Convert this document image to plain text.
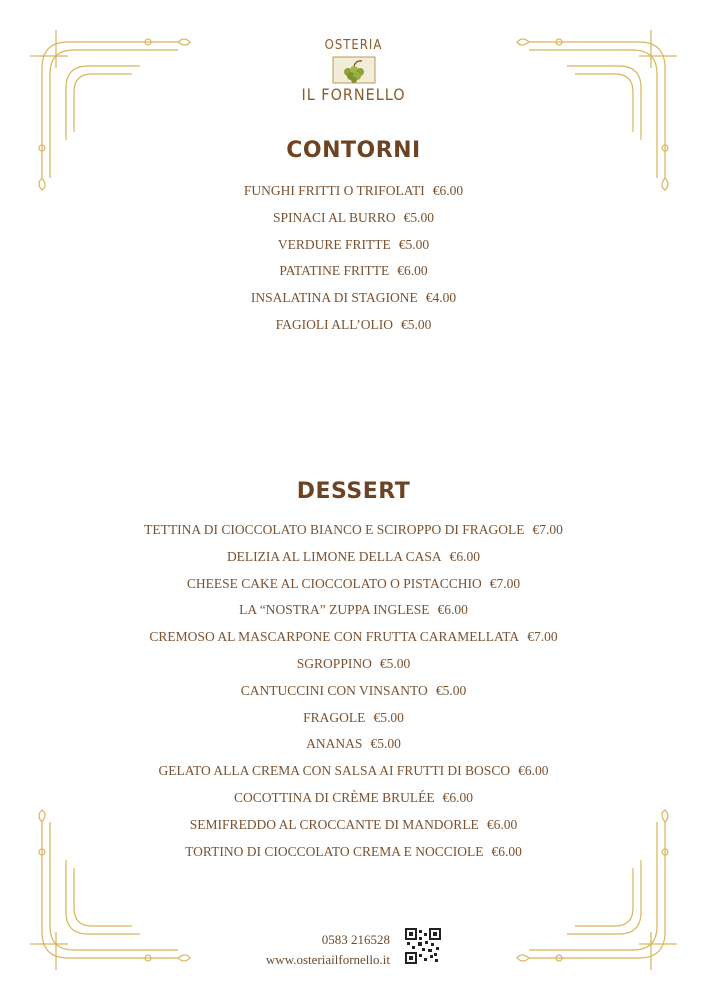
OSTERIA
IL FORNELLO
CONTORNI
FUNGHI FRITTI O TRIFOLATI €6.00
SPINACI AL BURRO €5.00
VERDURE FRITTE €5.00
PATATINE FRITTE €6.00
INSALATINA DI STAGIONE €4.00
FAGIOLI ALL’OLIO €5.00
DESSERT
TETTINA DI CIOCCOLATO BIANCO E SCIROPPO DI FRAGOLE €7.00
DELIZIA AL LIMONE DELLA CASA €6.00
CHEESE CAKE AL CIOCCOLATO O PISTACCHIO €7.00
LA “NOSTRA” ZUPPA INGLESE €6.00
CREMOSO AL MASCARPONE CON FRUTTA CARAMELLATA €7.00
SGROPPINO €5.00
CANTUCCINI CON VINSANTO €5.00
FRAGOLE €5.00
ANANAS €5.00
GELATO ALLA CREMA CON SALSA AI FRUTTI DI BOSCO €6.00
COCOTTINA DI CRÈME BRULÉE €6.00
SEMIFREDDO AL CROCCANTE DI MANDORLE €6.00
TORTINO DI CIOCCOLATO CREMA E NOCCIOLE €6.00
0583 216528
www.osteriailfornello.it
